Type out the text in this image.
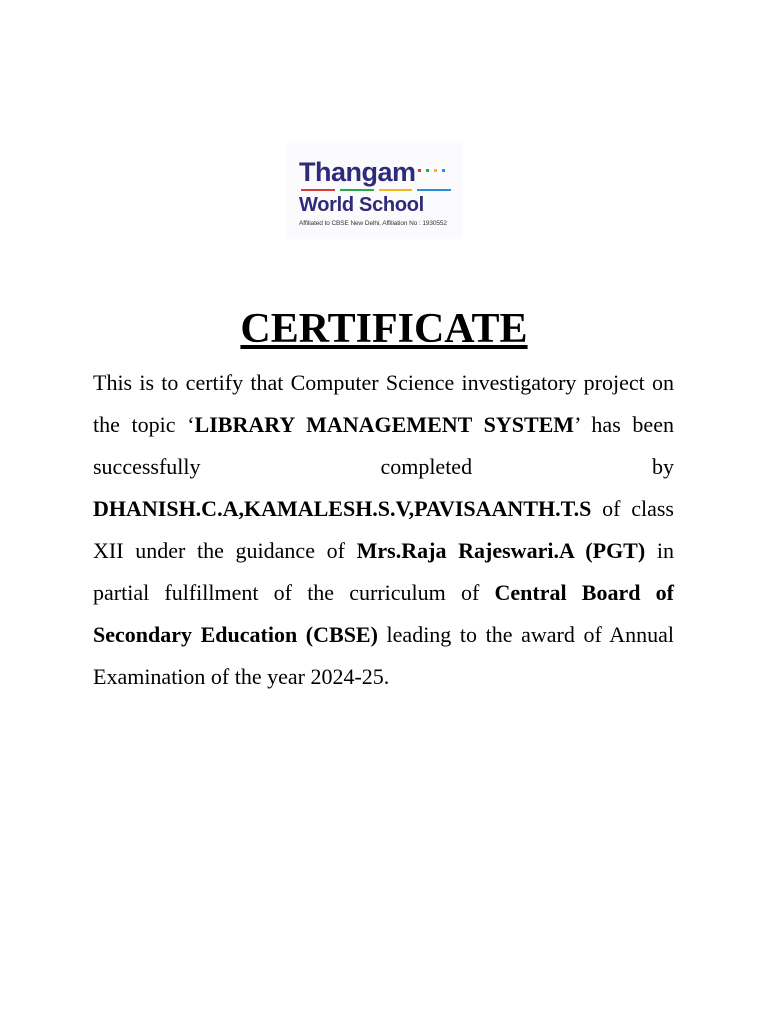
Thangam
World School
Affiliated to CBSE New Delhi. Affiliation No : 1930552
CERTIFICATE
This is to certify that Computer Science investigatory project on the topic ‘LIBRARY MANAGEMENT SYSTEM’ has been successfully completed by DHANISH.C.A,KAMALESH.S.V,PAVISAANTH.T.S of class XII under the guidance of Mrs.Raja Rajeswari.A (PGT) in partial fulfillment of the curriculum of Central Board of Secondary Education (CBSE) leading to the award of Annual Examination of the year 2024-25.
